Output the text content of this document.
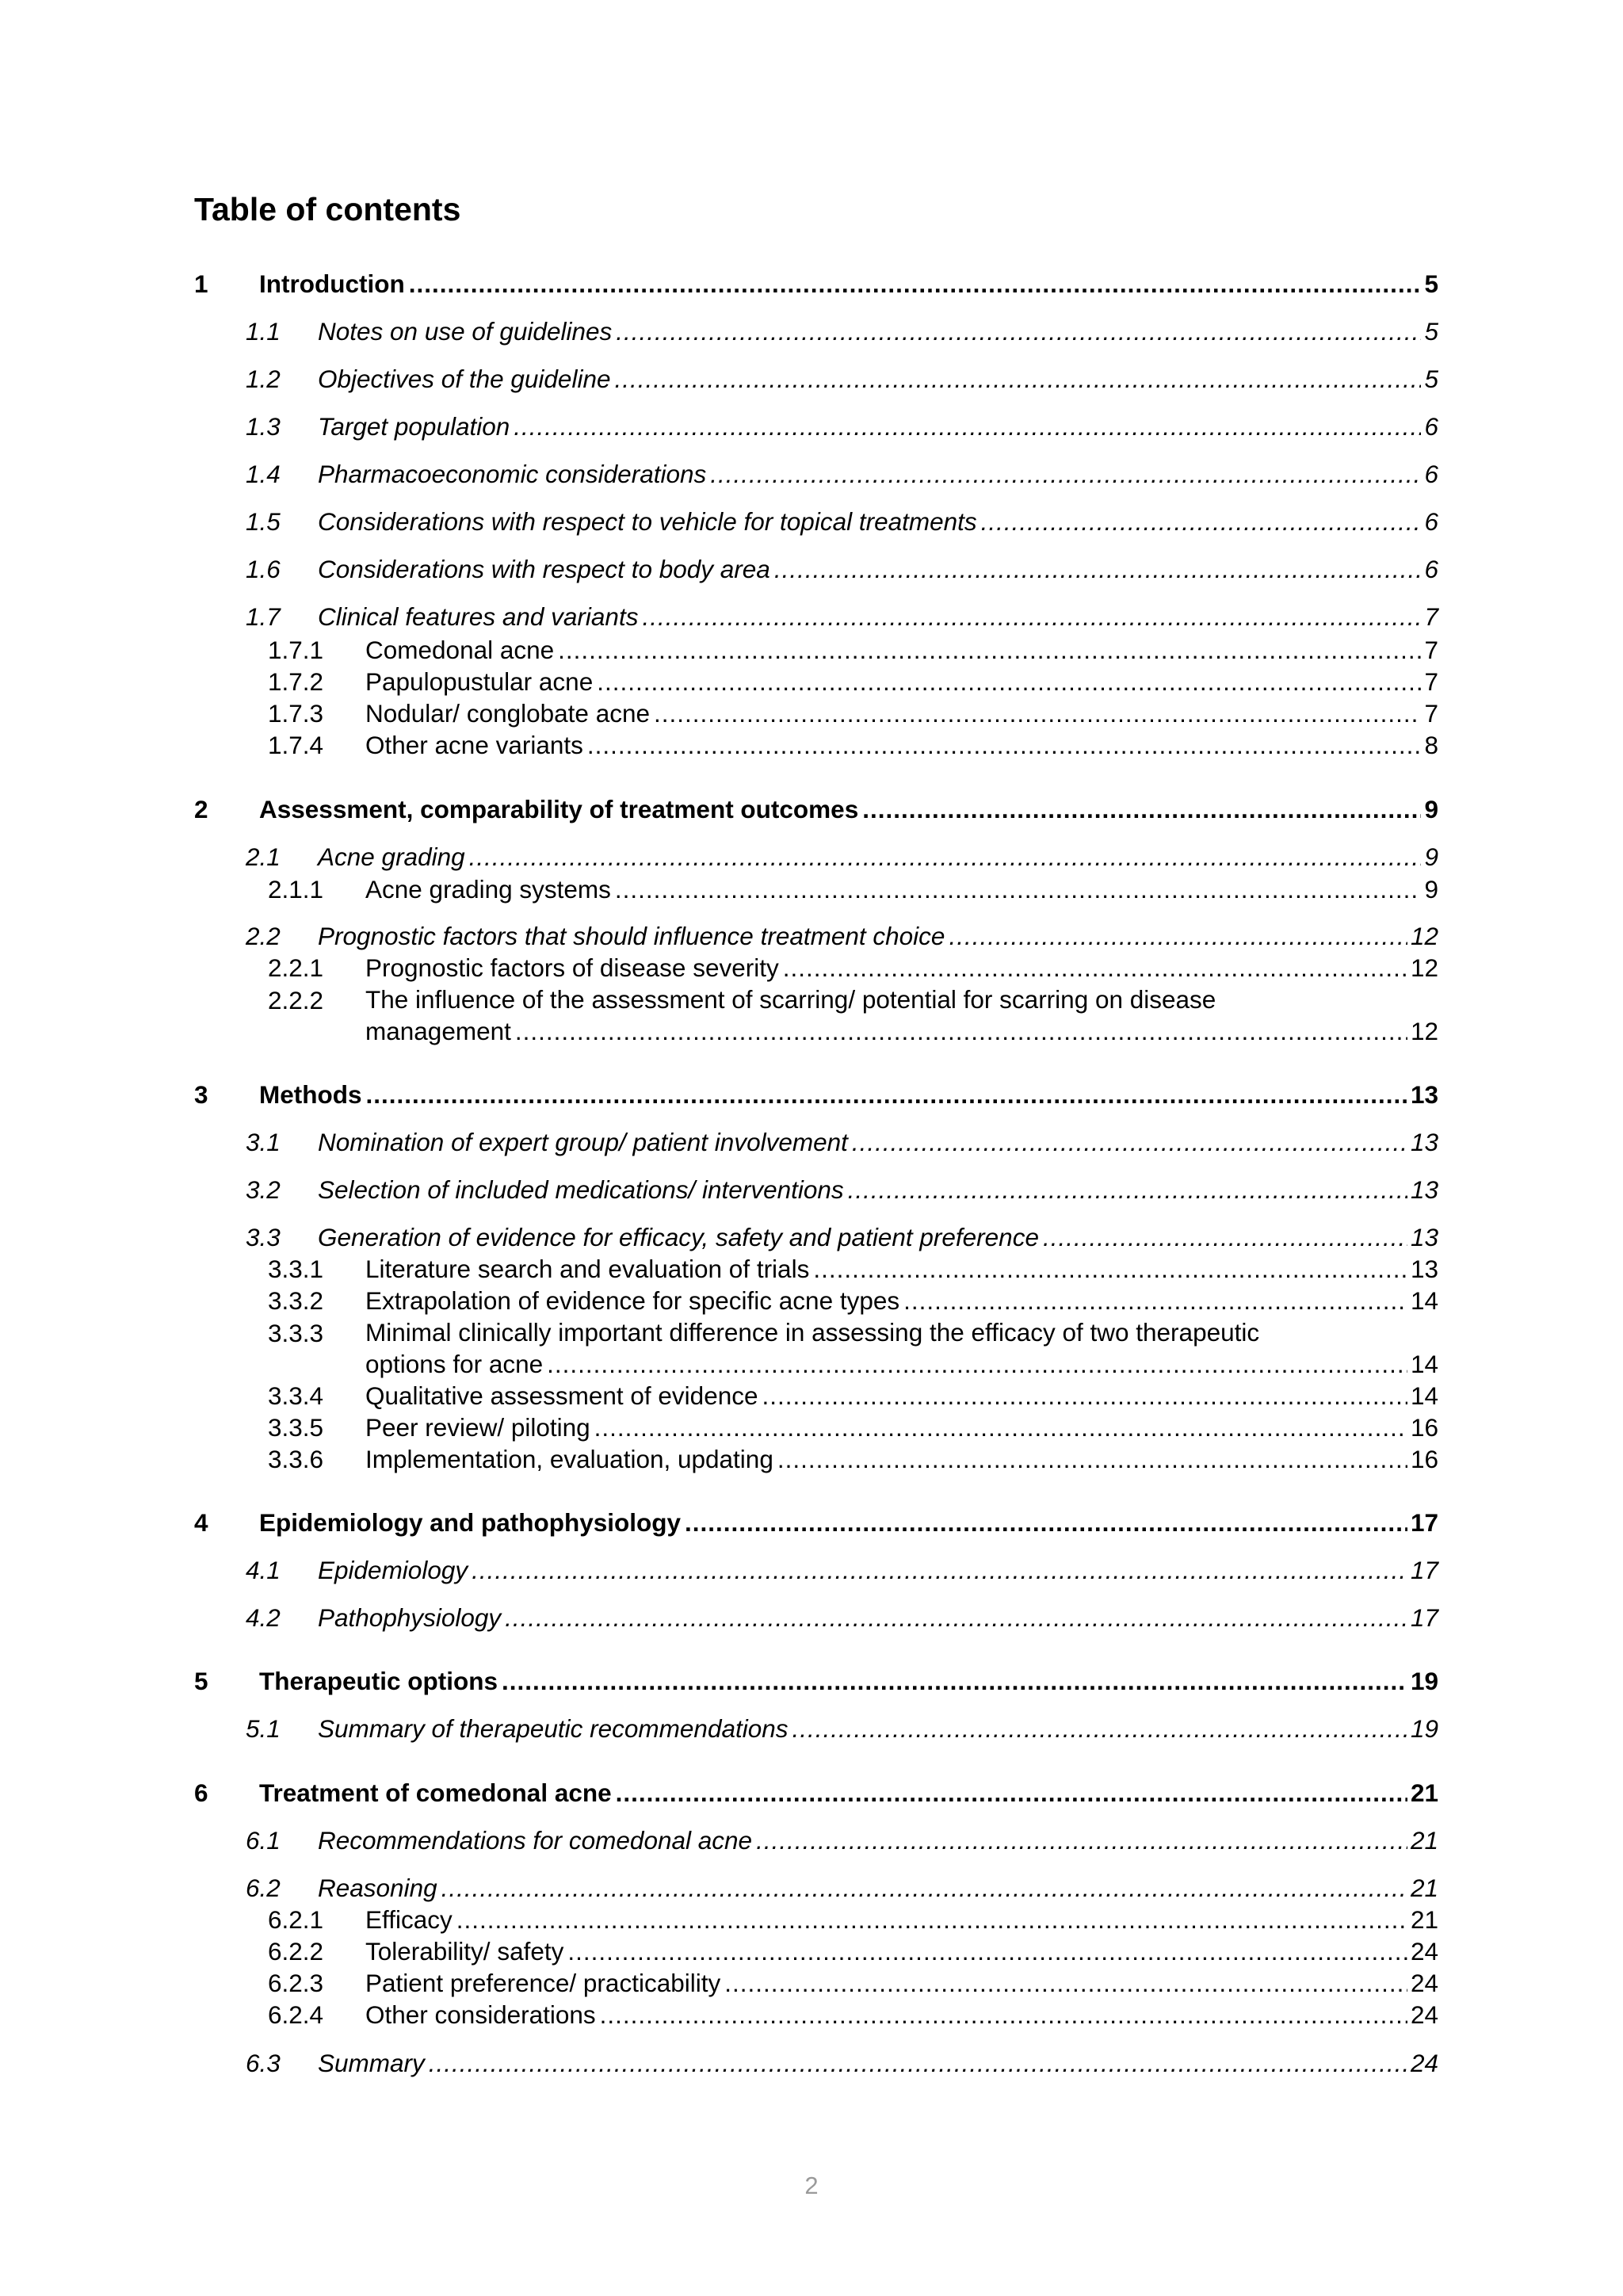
Table of contents
1 Introduction .....	5
1.1 Notes on use of guidelines .....	5
1.2 Objectives of the guideline .....	5
1.3 Target population .....	6
1.4 Pharmacoeconomic considerations .....	6
1.5 Considerations with respect to vehicle for topical treatments .....	6
1.6 Considerations with respect to body area .....	6
1.7 Clinical features and variants .....	7
1.7.1 Comedonal acne .....	7
1.7.2 Papulopustular acne .....	7
1.7.3 Nodular/ conglobate acne .....	7
1.7.4 Other acne variants .....	8
2 Assessment, comparability of treatment outcomes .....	9
2.1 Acne grading .....	9
2.1.1 Acne grading systems .....	9
2.2 Prognostic factors that should influence treatment choice .....	12
2.2.1 Prognostic factors of disease severity .....	12
2.2.2 The influence of the assessment of scarring/ potential for scarring on disease
management .....	12
3 Methods .....	13
3.1 Nomination of expert group/ patient involvement .....	13
3.2 Selection of included medications/ interventions .....	13
3.3 Generation of evidence for efficacy, safety and patient preference .....	13
3.3.1 Literature search and evaluation of trials .....	13
3.3.2 Extrapolation of evidence for specific acne types .....	14
3.3.3 Minimal clinically important difference in assessing the efficacy of two therapeutic
options for acne .....	14
3.3.4 Qualitative assessment of evidence .....	14
3.3.5 Peer review/ piloting .....	16
3.3.6 Implementation, evaluation, updating .....	16
4 Epidemiology and pathophysiology .....	17
4.1 Epidemiology .....	17
4.2 Pathophysiology .....	17
5 Therapeutic options .....	19
5.1 Summary of therapeutic recommendations .....	19
6 Treatment of comedonal acne .....	21
6.1 Recommendations for comedonal acne .....	21
6.2 Reasoning .....	21
6.2.1 Efficacy .....	21
6.2.2 Tolerability/ safety .....	24
6.2.3 Patient preference/ practicability .....	24
6.2.4 Other considerations .....	24
6.3 Summary .....	24
2
